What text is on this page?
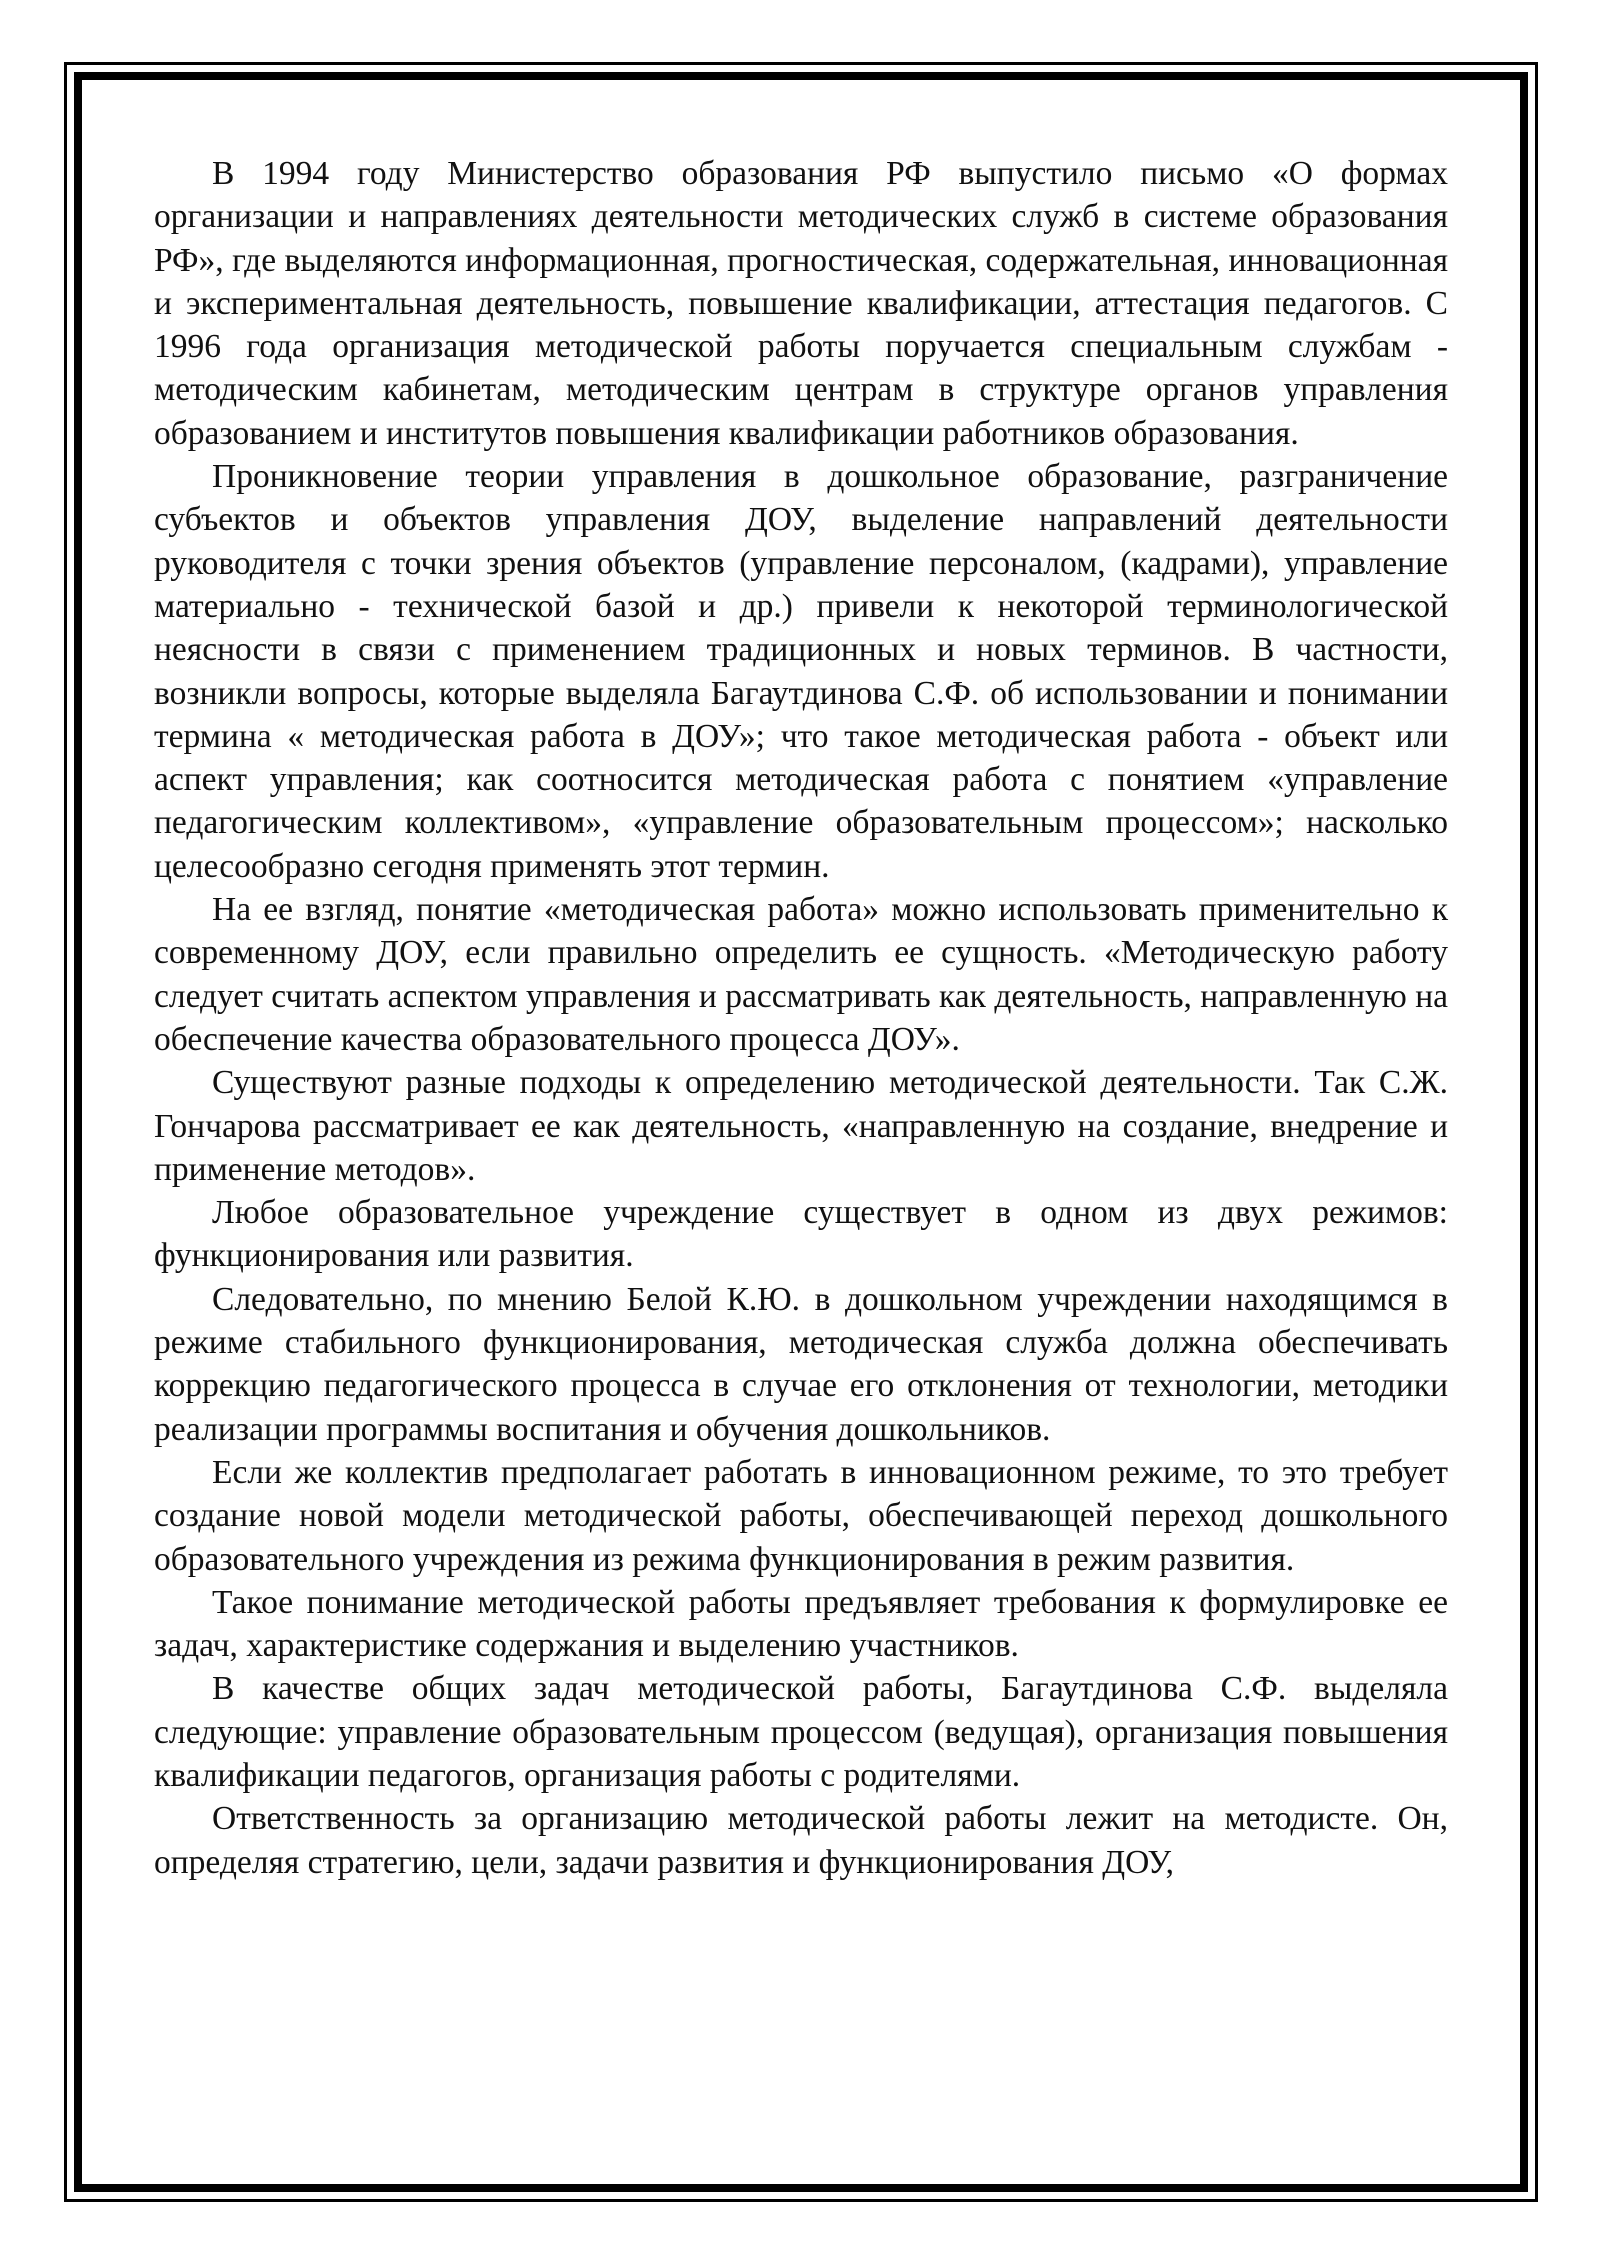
В 1994 году Министерство образования РФ выпустило письмо «О формах организации и направлениях деятельности методических служб в системе образования РФ», где выделяются информационная, прогностическая, содержательная, инновационная и экспериментальная деятельность, повышение квалификации, аттестация педагогов. С 1996 года организация методической работы поручается специальным службам - методическим кабинетам, методическим центрам в структуре органов управления образованием и институтов повышения квалификации работников образования.

Проникновение теории управления в дошкольное образование, разграничение субъектов и объектов управления ДОУ, выделение направлений деятельности руководителя с точки зрения объектов (управление персоналом, (кадрами), управление материально - технической базой и др.) привели к некоторой терминологической неясности в связи с применением традиционных и новых терминов. В частности, возникли вопросы, которые выделяла Багаутдинова С.Ф. об использовании и понимании термина « методическая работа в ДОУ»; что такое методическая работа - объект или аспект управления; как соотносится методическая работа с понятием «управление педагогическим коллективом», «управление образовательным процессом»; насколько целесообразно сегодня применять этот термин.

На ее взгляд, понятие «методическая работа» можно использовать применительно к современному ДОУ, если правильно определить ее сущность. «Методическую работу следует считать аспектом управления и рассматривать как деятельность, направленную на обеспечение качества образовательного процесса ДОУ».

Существуют разные подходы к определению методической деятельности. Так С.Ж. Гончарова рассматривает ее как деятельность, «направленную на создание, внедрение и применение методов».

Любое образовательное учреждение существует в одном из двух режимов: функционирования или развития.

Следовательно, по мнению Белой К.Ю. в дошкольном учреждении находящимся в режиме стабильного функционирования, методическая служба должна обеспечивать коррекцию педагогического процесса в случае его отклонения от технологии, методики реализации программы воспитания и обучения дошкольников.

Если же коллектив предполагает работать в инновационном режиме, то это требует создание новой модели методической работы, обеспечивающей переход дошкольного образовательного учреждения из режима функционирования в режим развития.

Такое понимание методической работы предъявляет требования к формулировке ее задач, характеристике содержания и выделению участников.

В качестве общих задач методической работы, Багаутдинова С.Ф. выделяла следующие: управление образовательным процессом (ведущая), организация повышения квалификации педагогов, организация работы с родителями.

Ответственность за организацию методической работы лежит на методисте. Он, определяя стратегию, цели, задачи развития и функционирования ДОУ,
